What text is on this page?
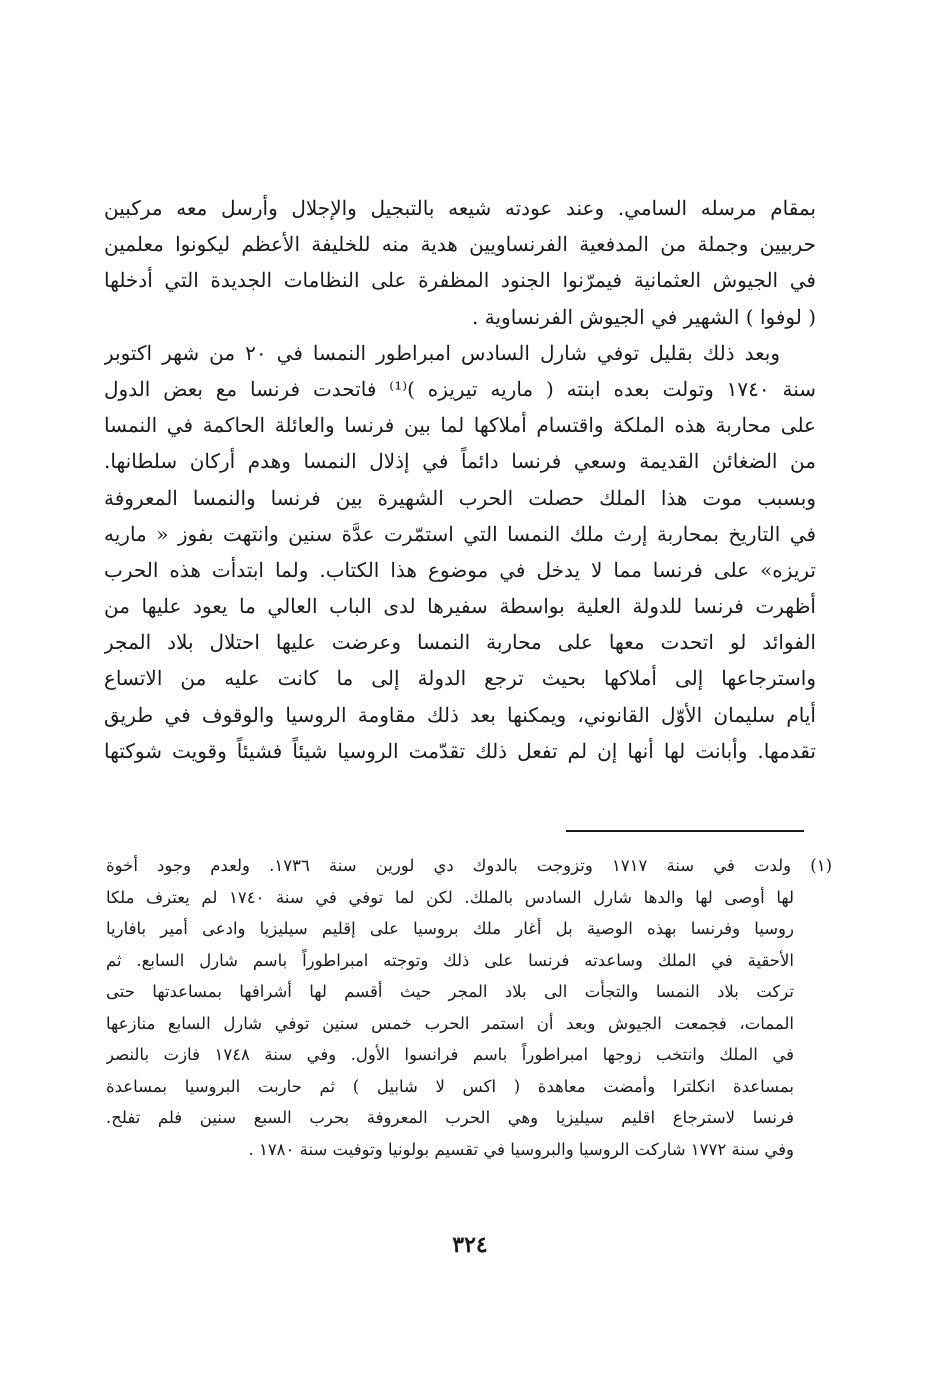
بمقام مرسله السامي. وعند عودته شيعه بالتبجيل والإجلال وأرسل معه مركبين
حربيين وجملة من المدفعية الفرنساويين هدية منه للخليفة الأعظم ليكونوا معلمين
في الجيوش العثمانية فيمرّنوا الجنود المظفرة على النظامات الجديدة التي أدخلها
( لوفوا ) الشهير في الجيوش الفرنساوية .
وبعد ذلك بقليل توفي شارل السادس امبراطور النمسا في ٢٠ من شهر اكتوبر
سنة ١٧٤٠ وتولت بعده ابنته ( ماريه تيريزه )⁽¹⁾ فاتحدت فرنسا مع بعض الدول
على محاربة هذه الملكة واقتسام أملاكها لما بين فرنسا والعائلة الحاكمة في النمسا
من الضغائن القديمة وسعي فرنسا دائماً في إذلال النمسا وهدم أركان سلطانها.
وبسبب موت هذا الملك حصلت الحرب الشهيرة بين فرنسا والنمسا المعروفة
في التاريخ بمحاربة إرث ملك النمسا التي استمّرت عدَّة سنين وانتهت بفوز « ماريه
تريزه» على فرنسا مما لا يدخل في موضوع هذا الكتاب. ولما ابتدأت هذه الحرب
أظهرت فرنسا للدولة العلية بواسطة سفيرها لدى الباب العالي ما يعود عليها من
الفوائد لو اتحدت معها على محاربة النمسا وعرضت عليها احتلال بلاد المجر
واسترجاعها إلى أملاكها بحيث ترجع الدولة إلى ما كانت عليه من الاتساع
أيام سليمان الأوّل القانوني، ويمكنها بعد ذلك مقاومة الروسيا والوقوف في طريق
تقدمها. وأبانت لها أنها إن لم تفعل ذلك تقدّمت الروسيا شيئاً فشيئاً وقويت شوكتها
(١) ولدت في سنة ١٧١٧ وتزوجت بالدوك دي لورين سنة ١٧٣٦. ولعدم وجود أخوة
لها أوصى لها والدها شارل السادس بالملك. لكن لما توفي في سنة ١٧٤٠ لم يعترف ملكا
روسيا وفرنسا بهذه الوصية بل أغار ملك بروسيا على إقليم سيليزيا وادعى أمير بافاريا
الأحقية في الملك وساعدته فرنسا على ذلك وتوجته امبراطوراً باسم شارل السابع. ثم
تركت بلاد النمسا والتجأت الى بلاد المجر حيث أقسم لها أشرافها بمساعدتها حتى
الممات، فجمعت الجيوش وبعد أن استمر الحرب خمس سنين توفي شارل السابع منازعها
في الملك وانتخب زوجها امبراطوراً باسم فرانسوا الأول. وفي سنة ١٧٤٨ فازت بالنصر
بمساعدة انكلترا وأمضت معاهدة ( اكس لا شابيل ) ثم حاربت البروسيا بمساعدة
فرنسا لاسترجاع اقليم سيليزيا وهي الحرب المعروفة بحرب السبع سنين فلم تفلح.
وفي سنة ١٧٧٢ شاركت الروسيا والبروسيا في تقسيم بولونيا وتوفيت سنة ١٧٨٠ .
٣٢٤
